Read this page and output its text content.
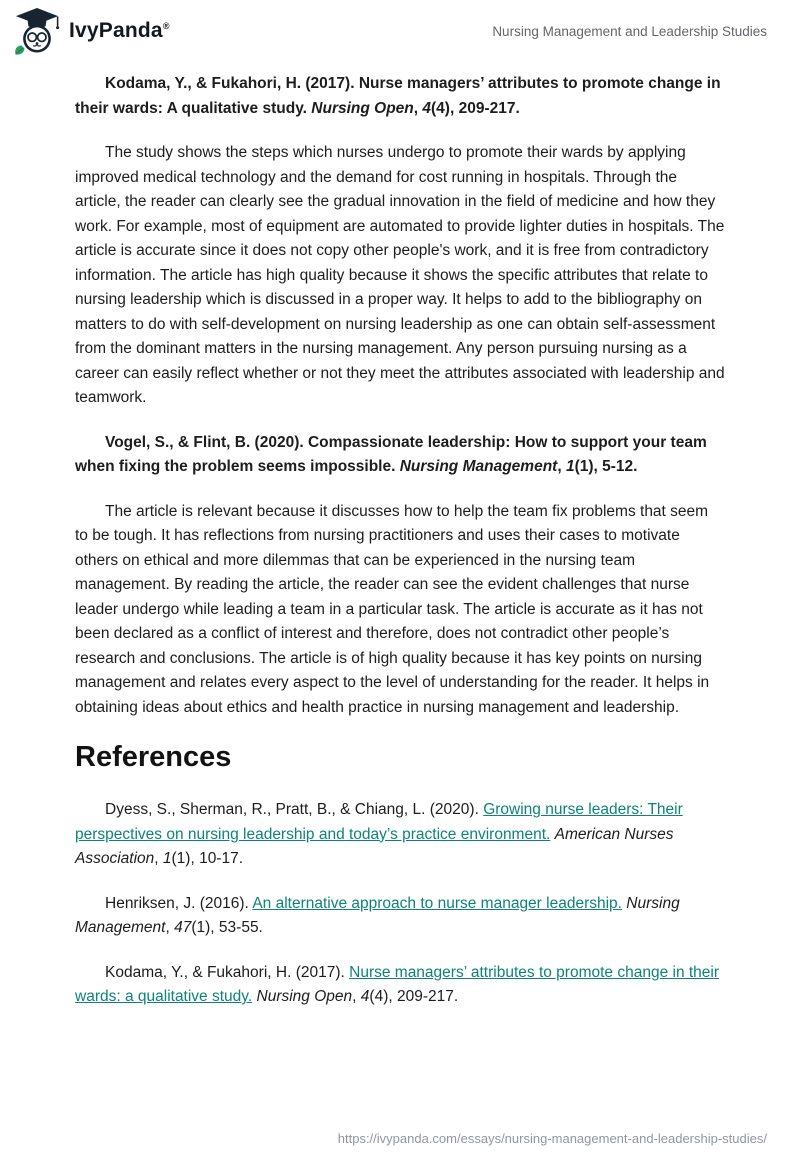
IvyPanda®	Nursing Management and Leadership Studies

Kodama, Y., & Fukahori, H. (2017). Nurse managers’ attributes to promote change in their wards: A qualitative study. Nursing Open, 4(4), 209-217.

The study shows the steps which nurses undergo to promote their wards by applying improved medical technology and the demand for cost running in hospitals. Through the article, the reader can clearly see the gradual innovation in the field of medicine and how they work. For example, most of equipment are automated to provide lighter duties in hospitals. The article is accurate since it does not copy other people's work, and it is free from contradictory information. The article has high quality because it shows the specific attributes that relate to nursing leadership which is discussed in a proper way. It helps to add to the bibliography on matters to do with self-development on nursing leadership as one can obtain self-assessment from the dominant matters in the nursing management. Any person pursuing nursing as a career can easily reflect whether or not they meet the attributes associated with leadership and teamwork.

Vogel, S., & Flint, B. (2020). Compassionate leadership: How to support your team when fixing the problem seems impossible. Nursing Management, 1(1), 5-12.

The article is relevant because it discusses how to help the team fix problems that seem to be tough. It has reflections from nursing practitioners and uses their cases to motivate others on ethical and more dilemmas that can be experienced in the nursing team management. By reading the article, the reader can see the evident challenges that nurse leader undergo while leading a team in a particular task. The article is accurate as it has not been declared as a conflict of interest and therefore, does not contradict other people’s research and conclusions. The article is of high quality because it has key points on nursing management and relates every aspect to the level of understanding for the reader. It helps in obtaining ideas about ethics and health practice in nursing management and leadership.

References

Dyess, S., Sherman, R., Pratt, B., & Chiang, L. (2020). Growing nurse leaders: Their perspectives on nursing leadership and today’s practice environment. American Nurses Association, 1(1), 10-17.

Henriksen, J. (2016). An alternative approach to nurse manager leadership. Nursing Management, 47(1), 53-55.

Kodama, Y., & Fukahori, H. (2017). Nurse managers’ attributes to promote change in their wards: a qualitative study. Nursing Open, 4(4), 209-217.

https://ivypanda.com/essays/nursing-management-and-leadership-studies/
